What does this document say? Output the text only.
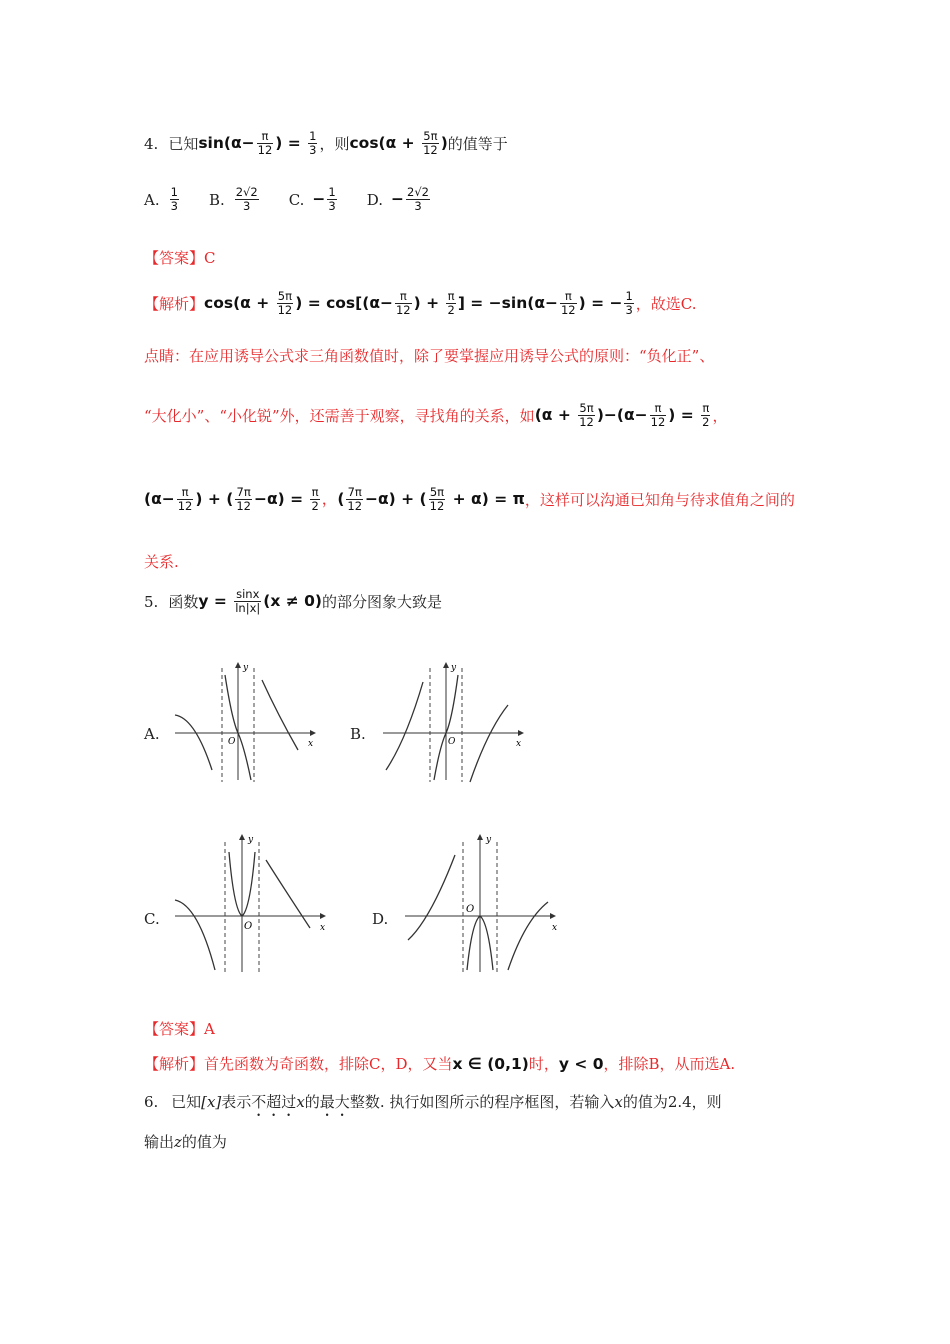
4. 已知 $\sin(\alpha- \frac{\pi}{12}$ ) = $\frac{1}{3}$ ，则 $\cos(\alpha + \frac{5\pi}{12}$ ) 的值等于
A. $\frac{1}{3} B$. $\frac{2√2}{3} C$. − $\frac{1}{3} D$. − $\frac{2√2}{3}$
【答案】C
【解析】 $\cos(\alpha + \frac{5\pi}{12}$ ) = $\cos[(\alpha- \frac{\pi}{12}$ ) + $\frac{\pi}{2}$ ] = $-\sin(\alpha- \frac{\pi}{12}$ ) = − $\frac{1}{3}$ ，故选C.
点睛：在应用诱导公式求三角函数值时，除了要掌握应用诱导公式的原则：“负化正”、
“大化小”、“小化锐”外，还需善于观察，寻找角的关系，如 $(\alpha + \frac{5\pi}{12} )-(\alpha- \frac{\pi}{12}$ ) = $\frac{\pi}{2}$ ，
($\alpha- \frac{\pi}{12}$ ) + ( $\frac{7\pi}{12} -\alpha) = \frac{\pi}{2}$ ，( $\frac{7\pi}{12} -\alpha$) + ( $\frac{5\pi}{12} + \alpha) = \pi$ ，这样可以沟通已知角与待求值角之间的
关系.
5. 函数 $y = \frac{\sin x}{\ln|x|} (x \ne 0)$ 的部分图象大致是
A.	O	x
y
B.	O	x
y
C.	O	x
y
D.
O
x
y
【答案】A
【解析】 首先函数为奇函数，排除C，D，又当 x ∈ (0,1) 时， y < 0 ，排除B，从而选A.
6. 已知[x]表示不超过x的最大整数. 执行如图所示的程序框图，若输入x的值为2.4，则
输出z的值为
